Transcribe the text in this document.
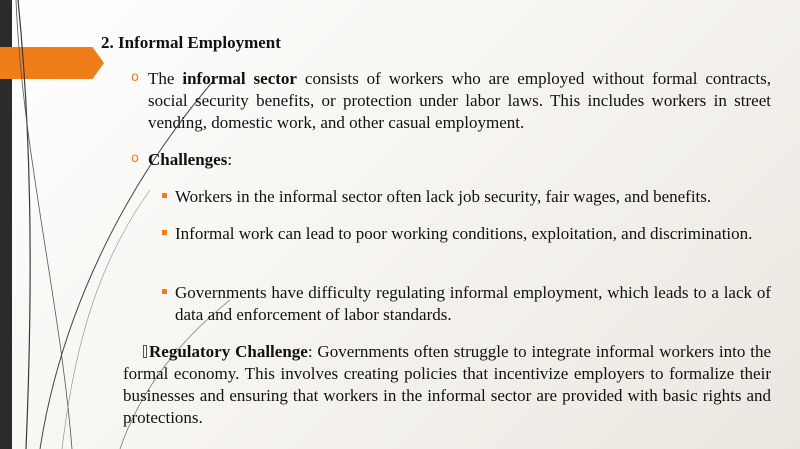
2. Informal Employment
o The informal sector consists of workers who are employed without formal contracts, social security benefits, or protection under labor laws. This includes workers in street vending, domestic work, and other casual employment.
o Challenges:
Workers in the informal sector often lack job security, fair wages, and benefits.
Informal work can lead to poor working conditions, exploitation, and discrimination.
Governments have difficulty regulating informal employment, which leads to a lack of data and enforcement of labor standards.
Regulatory Challenge: Governments often struggle to integrate informal workers into the formal economy. This involves creating policies that incentivize employers to formalize their businesses and ensuring that workers in the informal sector are provided with basic rights and protections.
